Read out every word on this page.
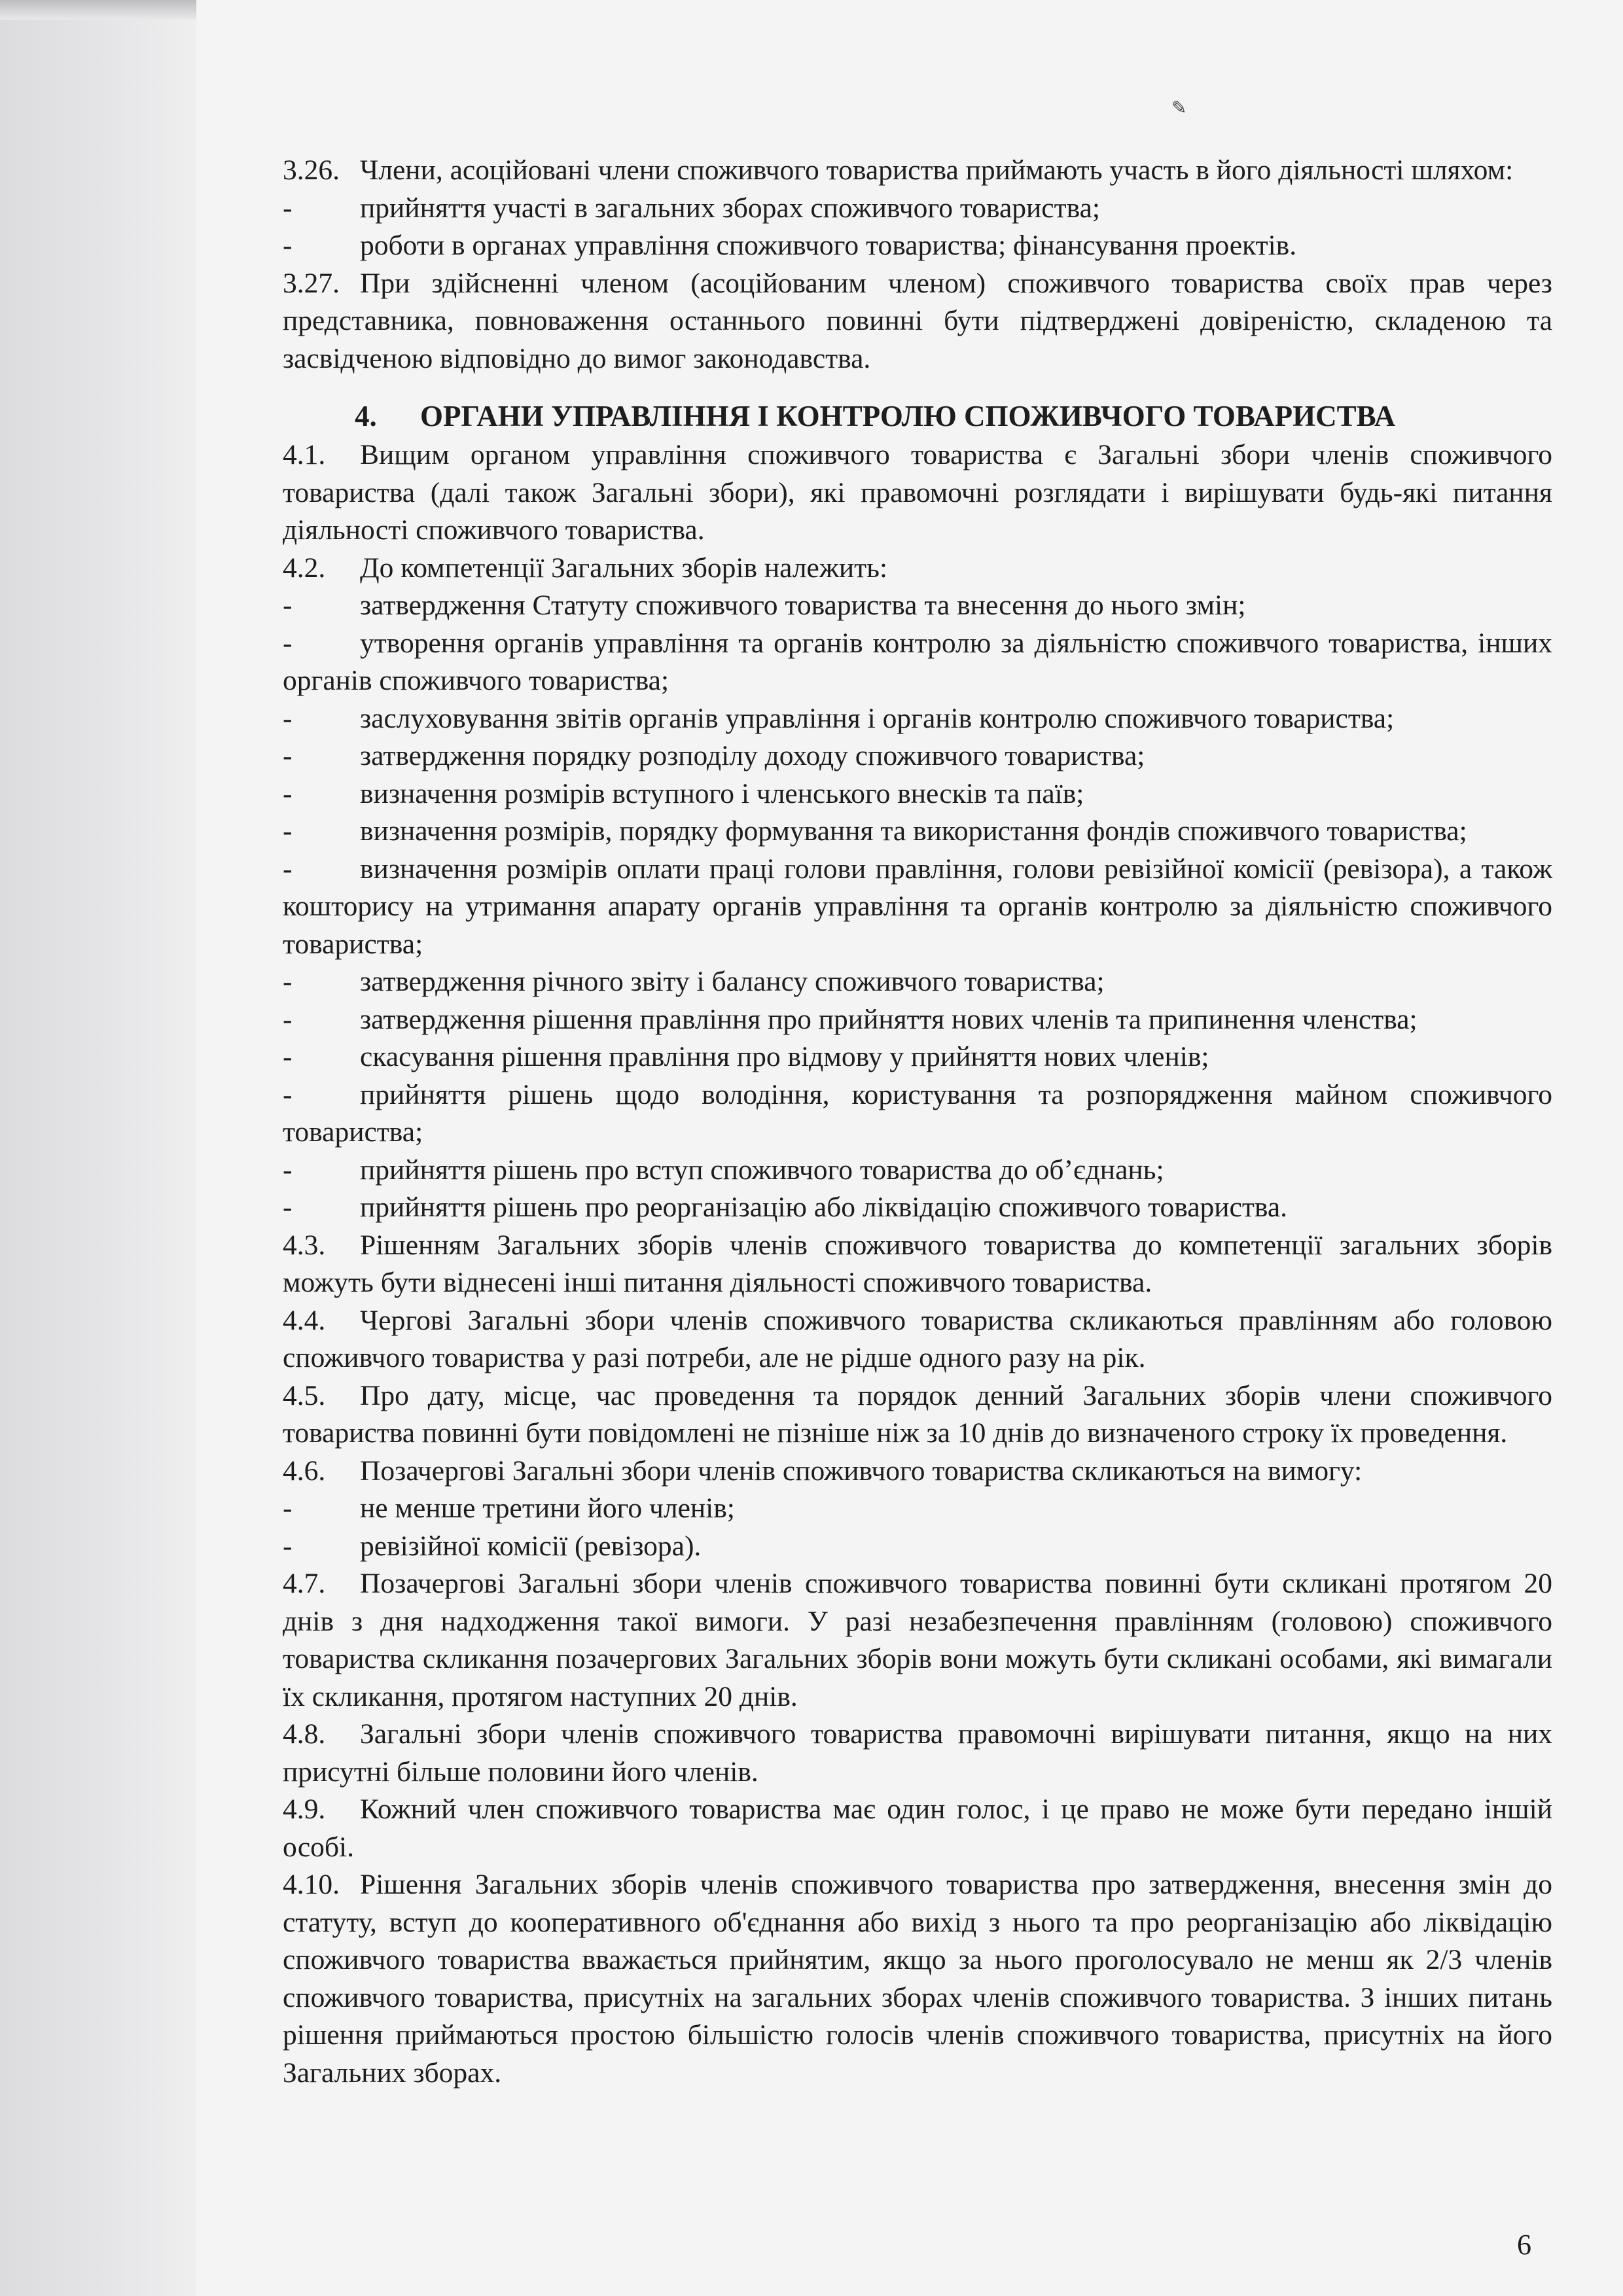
✎

3.26. Члени, асоційовані члени споживчого товариства приймають участь в його діяльності шляхом:

- прийняття участі в загальних зборах споживчого товариства;

- роботи в органах управління споживчого товариства; фінансування проектів.

3.27. При здійсненні членом (асоційованим членом) споживчого товариства своїх прав через представника, повноваження останнього повинні бути підтверджені довіреністю, складеною та засвідченою відповідно до вимог законодавства.

4. ОРГАНИ УПРАВЛІННЯ І КОНТРОЛЮ СПОЖИВЧОГО ТОВАРИСТВА

4.1. Вищим органом управління споживчого товариства є Загальні збори членів споживчого товариства (далі також Загальні збори), які правомочні розглядати і вирішувати будь-які питання діяльності споживчого товариства.

4.2. До компетенції Загальних зборів належить:

- затвердження Статуту споживчого товариства та внесення до нього змін;

- утворення органів управління та органів контролю за діяльністю споживчого товариства, інших органів споживчого товариства;

- заслуховування звітів органів управління і органів контролю споживчого товариства;

- затвердження порядку розподілу доходу споживчого товариства;

- визначення розмірів вступного і членського внесків та паїв;

- визначення розмірів, порядку формування та використання фондів споживчого товариства;

- визначення розмірів оплати праці голови правління, голови ревізійної комісії (ревізора), а також кошторису на утримання апарату органів управління та органів контролю за діяльністю споживчого товариства;

- затвердження річного звіту і балансу споживчого товариства;

- затвердження рішення правління про прийняття нових членів та припинення членства;

- скасування рішення правління про відмову у прийняття нових членів;

- прийняття рішень щодо володіння, користування та розпорядження майном споживчого товариства;

- прийняття рішень про вступ споживчого товариства до об’єднань;

- прийняття рішень про реорганізацію або ліквідацію споживчого товариства.

4.3. Рішенням Загальних зборів членів споживчого товариства до компетенції загальних зборів можуть бути віднесені інші питання діяльності споживчого товариства.

4.4. Чергові Загальні збори членів споживчого товариства скликаються правлінням або головою споживчого товариства у разі потреби, але не рідше одного разу на рік.

4.5. Про дату, місце, час проведення та порядок денний Загальних зборів члени споживчого товариства повинні бути повідомлені не пізніше ніж за 10 днів до визначеного строку їх проведення.

4.6. Позачергові Загальні збори членів споживчого товариства скликаються на вимогу:

- не менше третини його членів;

- ревізійної комісії (ревізора).

4.7. Позачергові Загальні збори членів споживчого товариства повинні бути скликані протягом 20 днів з дня надходження такої вимоги. У разі незабезпечення правлінням (головою) споживчого товариства скликання позачергових Загальних зборів вони можуть бути скликані особами, які вимагали їх скликання, протягом наступних 20 днів.

4.8. Загальні збори членів споживчого товариства правомочні вирішувати питання, якщо на них присутні більше половини його членів.

4.9. Кожний член споживчого товариства має один голос, і це право не може бути передано іншій особі.

4.10. Рішення Загальних зборів членів споживчого товариства про затвердження, внесення змін до статуту, вступ до кооперативного об'єднання або вихід з нього та про реорганізацію або ліквідацію споживчого товариства вважається прийнятим, якщо за нього проголосувало не менш як 2/3 членів споживчого товариства, присутніх на загальних зборах членів споживчого товариства. З інших питань рішення приймаються простою більшістю голосів членів споживчого товариства, присутніх на його Загальних зборах.

6
